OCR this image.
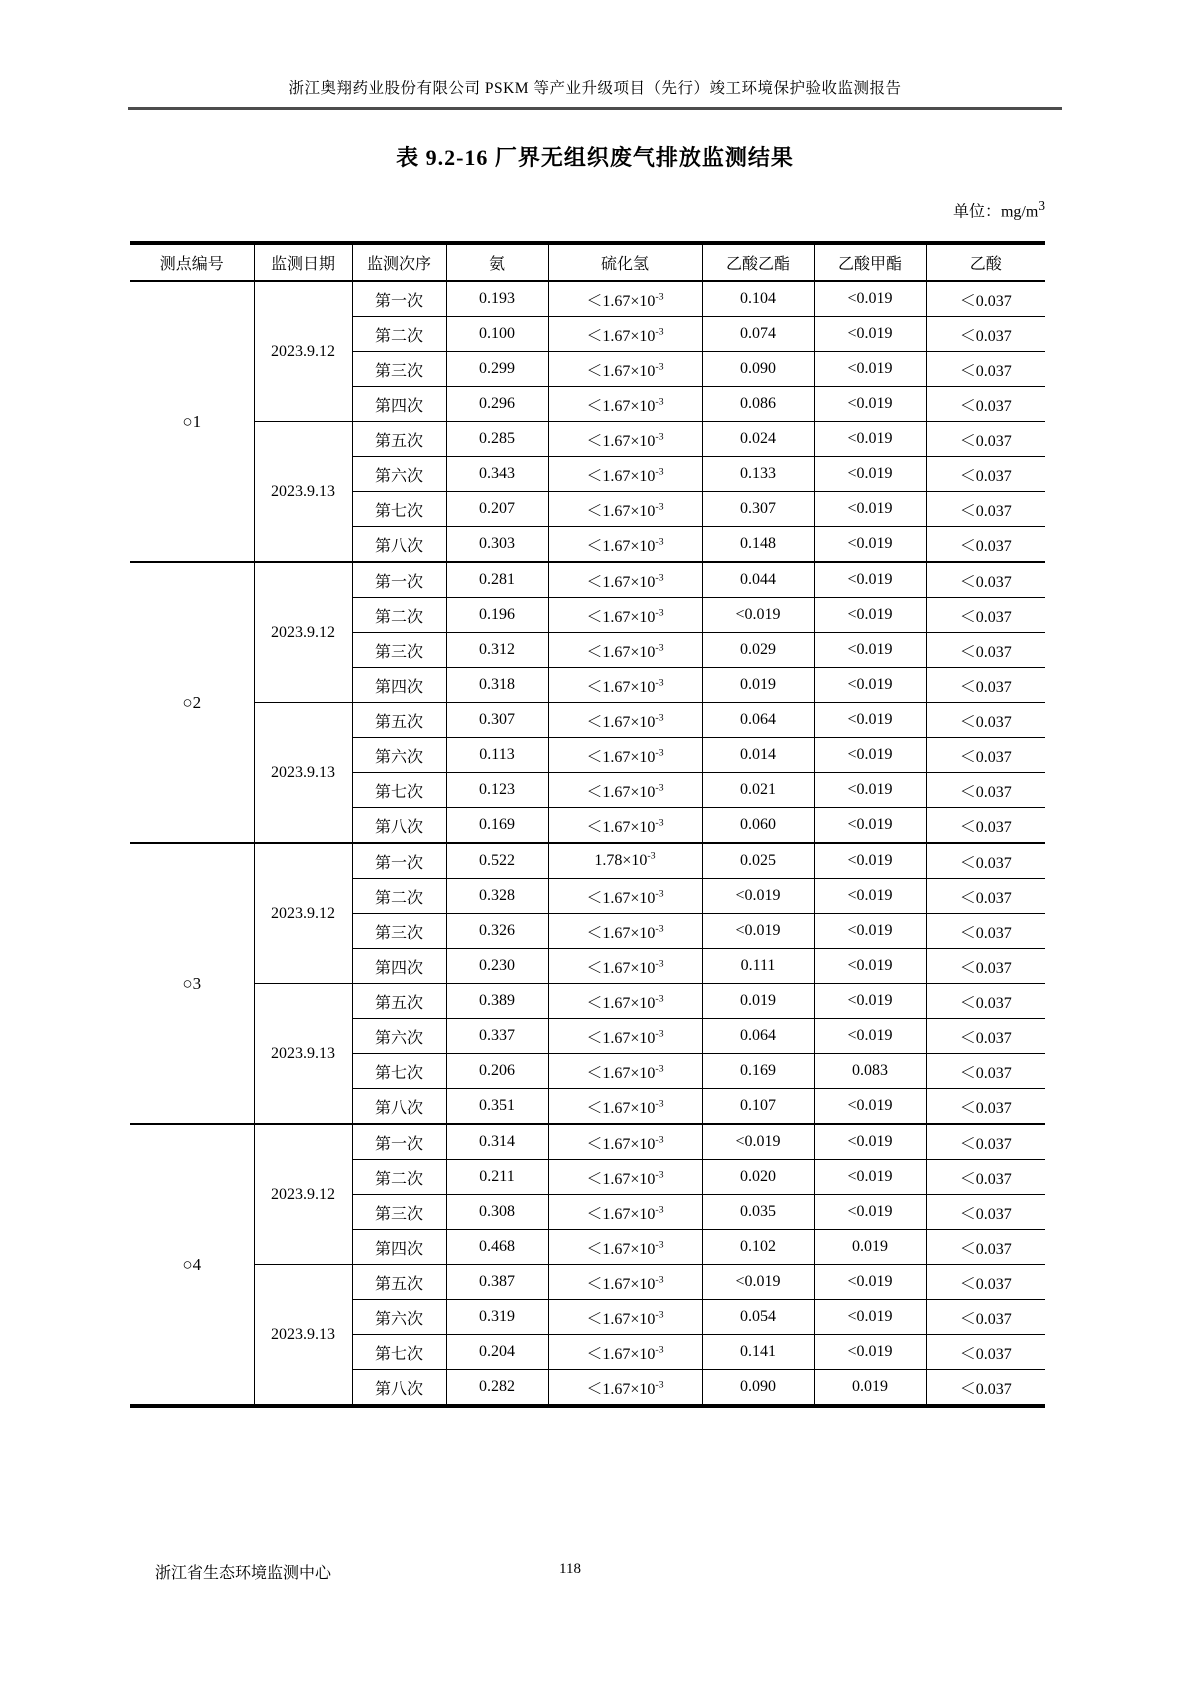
浙江奥翔药业股份有限公司 PSKM 等产业升级项目（先行）竣工环境保护验收监测报告
表 9.2-16 厂界无组织废气排放监测结果
单位：$mg/m^3$
测点编号	监测日期	监测次序	氨	硫化氢	乙酸乙酯	乙酸甲酯	乙酸
○1	2023.9.12	第一次	0.193	$<1.67\times 10^{-3}$	0.104	<0.019	＜0.037
		第二次	0.100	$<1.67\times 10^{-3}$	0.074	<0.019	＜0.037
		第三次	0.299	$<1.67\times 10^{-3}$	0.090	<0.019	＜0.037
		第四次	0.296	$<1.67\times 10^{-3}$	0.086	<0.019	＜0.037
	2023.9.13	第五次	0.285	$<1.67\times 10^{-3}$	0.024	<0.019	＜0.037
		第六次	0.343	$<1.67\times 10^{-3}$	0.133	<0.019	＜0.037
		第七次	0.207	$<1.67\times 10^{-3}$	0.307	<0.019	＜0.037
		第八次	0.303	$<1.67\times 10^{-3}$	0.148	<0.019	＜0.037
○2	2023.9.12	第一次	0.281	$<1.67\times 10^{-3}$	0.044	<0.019	＜0.037
		第二次	0.196	$<1.67\times 10^{-3}$	<0.019	<0.019	＜0.037
		第三次	0.312	$<1.67\times 10^{-3}$	0.029	<0.019	＜0.037
		第四次	0.318	$<1.67\times 10^{-3}$	0.019	<0.019	＜0.037
	2023.9.13	第五次	0.307	$<1.67\times 10^{-3}$	0.064	<0.019	＜0.037
		第六次	0.113	$<1.67\times 10^{-3}$	0.014	<0.019	＜0.037
		第七次	0.123	$<1.67\times 10^{-3}$	0.021	<0.019	＜0.037
		第八次	0.169	$<1.67\times 10^{-3}$	0.060	<0.019	＜0.037
○3	2023.9.12	第一次	0.522	$1.78\times 10^{-3}$	0.025	<0.019	＜0.037
		第二次	0.328	$<1.67\times 10^{-3}$	<0.019	<0.019	＜0.037
		第三次	0.326	$<1.67\times 10^{-3}$	<0.019	<0.019	＜0.037
		第四次	0.230	$<1.67\times 10^{-3}$	0.111	<0.019	＜0.037
	2023.9.13	第五次	0.389	$<1.67\times 10^{-3}$	0.019	<0.019	＜0.037
		第六次	0.337	$<1.67\times 10^{-3}$	0.064	<0.019	＜0.037
		第七次	0.206	$<1.67\times 10^{-3}$	0.169	0.083	＜0.037
		第八次	0.351	$<1.67\times 10^{-3}$	0.107	<0.019	＜0.037
○4	2023.9.12	第一次	0.314	$<1.67\times 10^{-3}$	<0.019	<0.019	＜0.037
		第二次	0.211	$<1.67\times 10^{-3}$	0.020	<0.019	＜0.037
		第三次	0.308	$<1.67\times 10^{-3}$	0.035	<0.019	＜0.037
		第四次	0.468	$<1.67\times 10^{-3}$	0.102	0.019	＜0.037
	2023.9.13	第五次	0.387	$<1.67\times 10^{-3}$	<0.019	<0.019	＜0.037
		第六次	0.319	$<1.67\times 10^{-3}$	0.054	<0.019	＜0.037
		第七次	0.204	$<1.67\times 10^{-3}$	0.141	<0.019	＜0.037
		第八次	0.282	$<1.67\times 10^{-3}$	0.090	0.019	＜0.037
浙江省生态环境监测中心	118
